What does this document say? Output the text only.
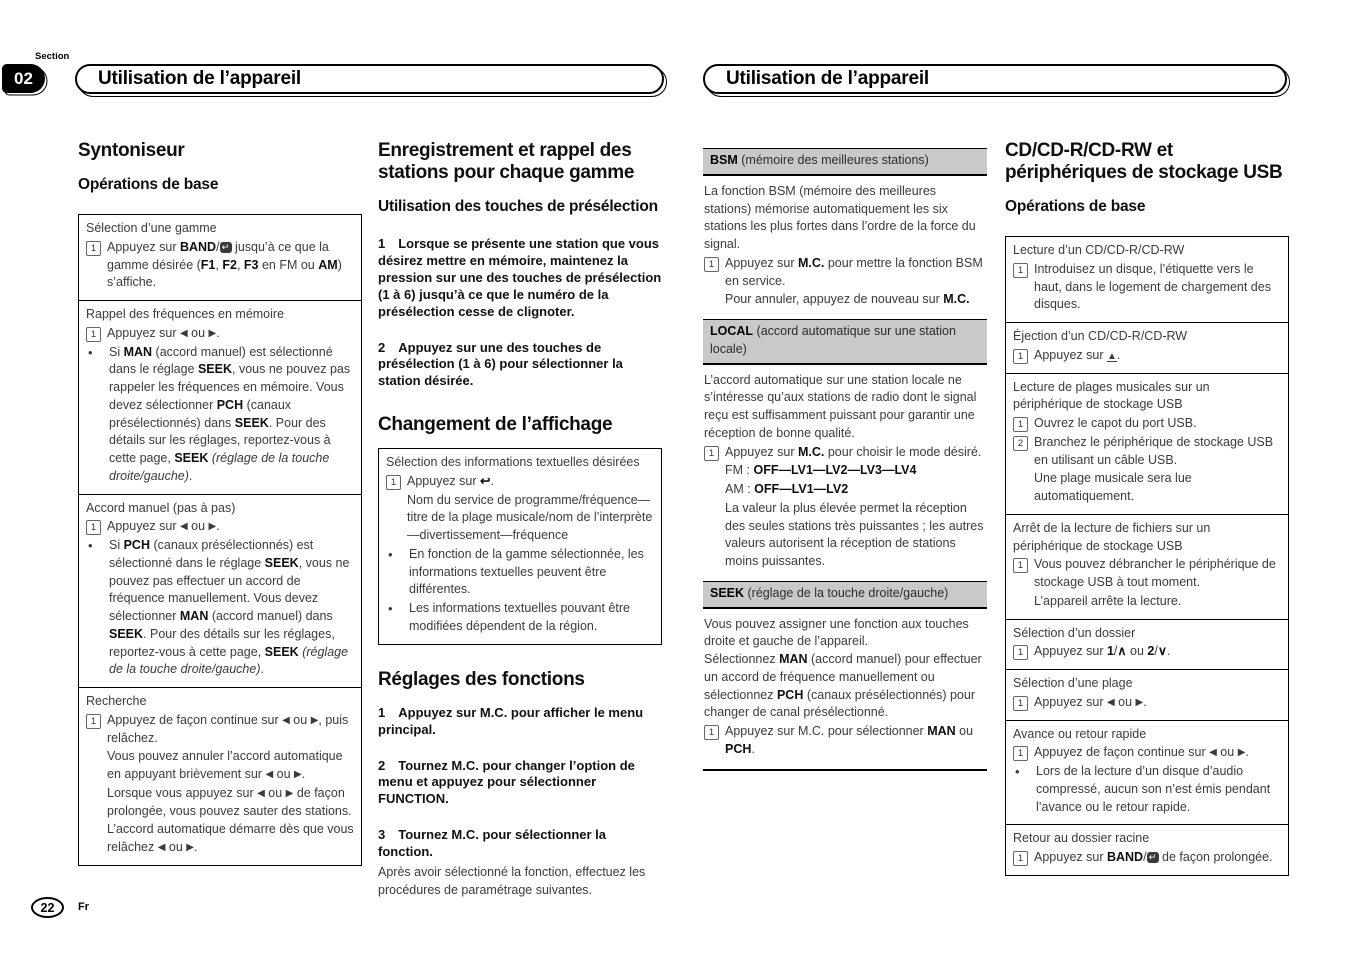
Section
02	Utilisation de l’appareil	Utilisation de l’appareil
Syntoniseur
Opérations de base
Sélection d’une gamme
1 Appuyez sur BAND/ ↵ jusqu’à ce que la gamme désirée (F1, F2, F3 en FM ou AM) s’affiche.
Rappel des fréquences en mémoire
1 Appuyez sur ◀ ou ▶.
•	Si MAN (accord manuel) est sélectionné dans le réglage SEEK, vous ne pouvez pas rappeler les fréquences en mémoire. Vous devez sélectionner PCH (canaux présélectionnés) dans SEEK. Pour des détails sur les réglages, reportez-vous à cette page, SEEK (réglage de la touche droite/gauche).
Accord manuel (pas à pas)
1 Appuyez sur ◀ ou ▶.
•	Si PCH (canaux présélectionnés) est sélectionné dans le réglage SEEK, vous ne pouvez pas effectuer un accord de fréquence manuellement. Vous devez sélectionner MAN (accord manuel) dans SEEK. Pour des détails sur les réglages, reportez-vous à cette page, SEEK (réglage de la touche droite/gauche).
Recherche
1 Appuyez de façon continue sur ◀ ou ▶, puis relâchez.
Vous pouvez annuler l’accord automatique en appuyant brièvement sur ◀ ou ▶.
Lorsque vous appuyez sur ◀ ou ▶ de façon prolongée, vous pouvez sauter des stations.
L’accord automatique démarre dès que vous relâchez ◀ ou ▶.
Enregistrement et rappel des stations pour chaque gamme
Utilisation des touches de présélection

1 Lorsque se présente une station que vous désirez mettre en mémoire, maintenez la pression sur une des touches de présélection (1 à 6) jusqu’à ce que le numéro de la présélection cesse de clignoter.

2 Appuyez sur une des touches de présélection (1 à 6) pour sélectionner la station désirée.

Changement de l’affichage
Sélection des informations textuelles désirées
1 Appuyez sur ↩.
Nom du service de programme/fréquence—titre de la plage musicale/nom de l’interprète—divertissement—fréquence
•	En fonction de la gamme sélectionnée, les informations textuelles peuvent être différentes.
•	Les informations textuelles pouvant être modifiées dépendent de la région.
Réglages des fonctions

1 Appuyez sur M.C. pour afficher le menu principal.

2 Tournez M.C. pour changer l’option de menu et appuyez pour sélectionner FUNCTION.

3 Tournez M.C. pour sélectionner la fonction.

Après avoir sélectionné la fonction, effectuez les procédures de paramétrage suivantes.

BSM (mémoire des meilleures stations)

La fonction BSM (mémoire des meilleures stations) mémorise automatiquement les six stations les plus fortes dans l’ordre de la force du signal.

1 Appuyez sur M.C. pour mettre la fonction BSM en service.
Pour annuler, appuyez de nouveau sur M.C.
LOCAL (accord automatique sur une station locale)

L’accord automatique sur une station locale ne s’intéresse qu’aux stations de radio dont le signal reçu est suffisamment puissant pour garantir une réception de bonne qualité.

1 Appuyez sur M.C. pour choisir le mode désiré.
FM : OFF—LV1—LV2—LV3—LV4
AM : OFF—LV1—LV2
La valeur la plus élevée permet la réception des seules stations très puissantes ; les autres valeurs autorisent la réception de stations moins puissantes.
SEEK (réglage de la touche droite/gauche)

Vous pouvez assigner une fonction aux touches droite et gauche de l’appareil.

Sélectionnez MAN (accord manuel) pour effectuer un accord de fréquence manuellement ou sélectionnez PCH (canaux présélectionnés) pour changer de canal présélectionné.

1 Appuyez sur M.C. pour sélectionner MAN ou PCH.
CD/CD-R/CD-RW et périphériques de stockage USB
Opérations de base
Lecture d’un CD/CD-R/CD-RW
1 Introduisez un disque, l’étiquette vers le haut, dans le logement de chargement des disques.
Éjection d’un CD/CD-R/CD-RW
1 Appuyez sur ▲.
Lecture de plages musicales sur un périphérique de stockage USB
1 Ouvrez le capot du port USB.
2 Branchez le périphérique de stockage USB en utilisant un câble USB.
Une plage musicale sera lue automatiquement.
Arrêt de la lecture de fichiers sur un périphérique de stockage USB
1 Vous pouvez débrancher le périphérique de stockage USB à tout moment.
L’appareil arrête la lecture.
Sélection d’un dossier
1 Appuyez sur 1/∧ ou 2/∨.
Sélection d’une plage
1 Appuyez sur ◀ ou ▶.
Avance ou retour rapide
1 Appuyez de façon continue sur ◀ ou ▶.
•	Lors de la lecture d’un disque d’audio compressé, aucun son n’est émis pendant l’avance ou le retour rapide.
Retour au dossier racine
1 Appuyez sur BAND/ ↵ de façon prolongée.
22 Fr
